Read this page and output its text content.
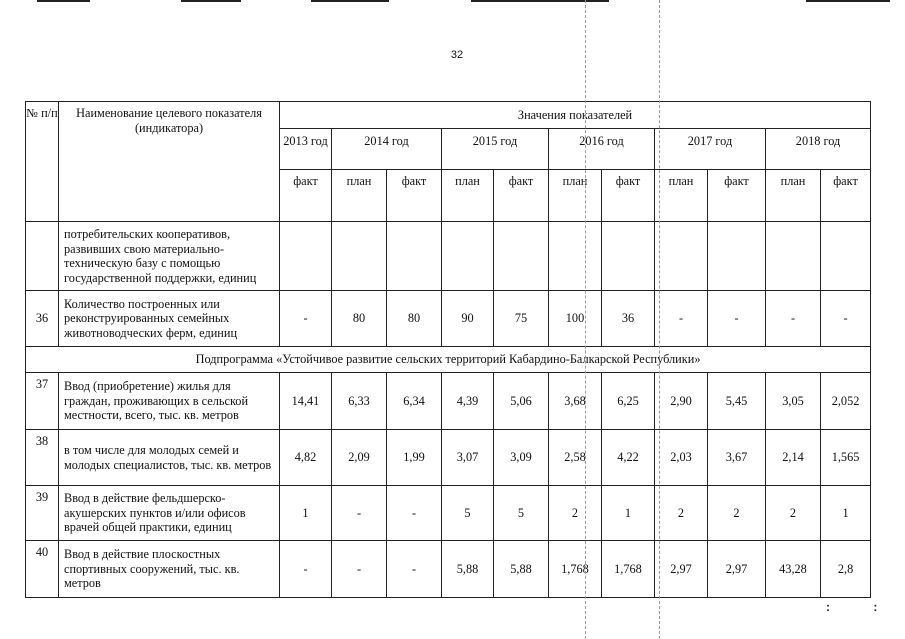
32
№ п/п	Наименование целевого показателя (индикатора)	Значения показателей										
		2013 год	2014 год		2015 год		2016 год		2017 год		2018 год	
		факт	план	факт	план	факт	план	факт	план	факт	план	факт
	потребительских кооперативов, развивших свою материально-техническую базу с помощью государственной поддержки, единиц											
36	Количество построенных или реконструированных семейных животноводческих ферм, единиц	-	80	80	90	75	100	36	-	-	-	-
Подпрограмма «Устойчивое развитие сельских территорий Кабардино-Балкарской Республики»												
37	Ввод (приобретение) жилья для граждан, проживающих в сельской местности, всего, тыс. кв. метров	14,41	6,33	6,34	4,39	5,06	3,68	6,25	2,90	5,45	3,05	2,052
38	в том числе для молодых семей и молодых специалистов, тыс. кв. метров	4,82	2,09	1,99	3,07	3,09	2,58	4,22	2,03	3,67	2,14	1,565
39	Ввод в действие фельдшерско-акушерских пунктов и/или офисов врачей общей практики, единиц	1	-	-	5	5	2	1	2	2	2	1
40	Ввод в действие плоскостных спортивных сооружений, тыс. кв. метров	-	-	-	5,88	5,88	1,768	1,768	2,97	2,97	43,28	2,8
: :
